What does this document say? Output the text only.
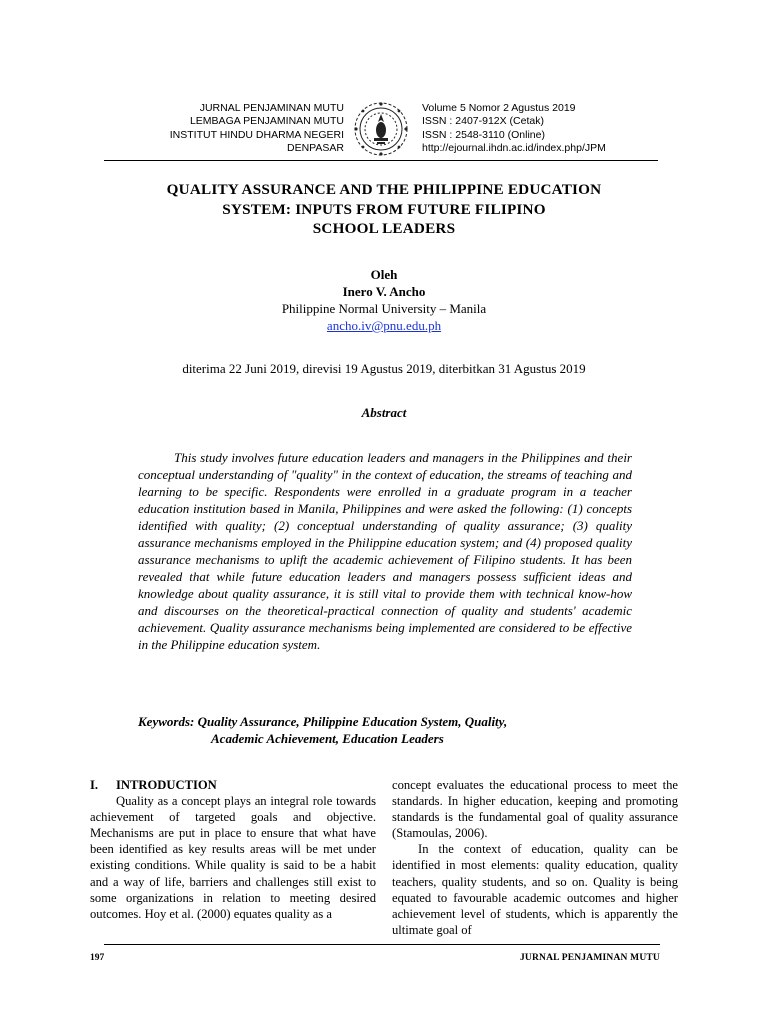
JURNAL PENJAMINAN MUTU
LEMBAGA PENJAMINAN MUTU
INSTITUT HINDU DHARMA NEGERI
DENPASAR
Volume 5 Nomor 2 Agustus 2019
ISSN : 2407-912X (Cetak)
ISSN : 2548-3110 (Online)
http://ejournal.ihdn.ac.id/index.php/JPM
QUALITY ASSURANCE AND THE PHILIPPINE EDUCATION
SYSTEM: INPUTS FROM FUTURE FILIPINO
SCHOOL LEADERS
Oleh
Inero V. Ancho
Philippine Normal University – Manila
ancho.iv@pnu.edu.ph
diterima 22 Juni 2019, direvisi 19 Agustus 2019, diterbitkan 31 Agustus 2019
Abstract
This study involves future education leaders and managers in the Philippines and their conceptual understanding of "quality" in the context of education, the streams of teaching and learning to be specific. Respondents were enrolled in a graduate program in a teacher education institution based in Manila, Philippines and were asked the following: (1) concepts identified with quality; (2) conceptual understanding of quality assurance; (3) quality assurance mechanisms employed in the Philippine education system; and (4) proposed quality assurance mechanisms to uplift the academic achievement of Filipino students. It has been revealed that while future education leaders and managers possess sufficient ideas and knowledge about quality assurance, it is still vital to provide them with technical know-how and discourses on the theoretical-practical connection of quality and students' academic achievement. Quality assurance mechanisms being implemented are considered to be effective in the Philippine education system.
Keywords: Quality Assurance, Philippine Education System, Quality,
Academic Achievement, Education Leaders
I. INTRODUCTION

Quality as a concept plays an integral role towards achievement of targeted goals and objective. Mechanisms are put in place to ensure that what have been identified as key results areas will be met under existing conditions. While quality is said to be a habit and a way of life, barriers and challenges still exist to some organizations in relation to meeting desired outcomes. Hoy et al. (2000) equates quality as a

concept evaluates the educational process to meet the standards. In higher education, keeping and promoting standards is the fundamental goal of quality assurance (Stamoulas, 2006).

In the context of education, quality can be identified in most elements: quality education, quality teachers, quality students, and so on. Quality is being equated to favourable academic outcomes and higher achievement level of students, which is apparently the ultimate goal of

197	JURNAL PENJAMINAN MUTU
